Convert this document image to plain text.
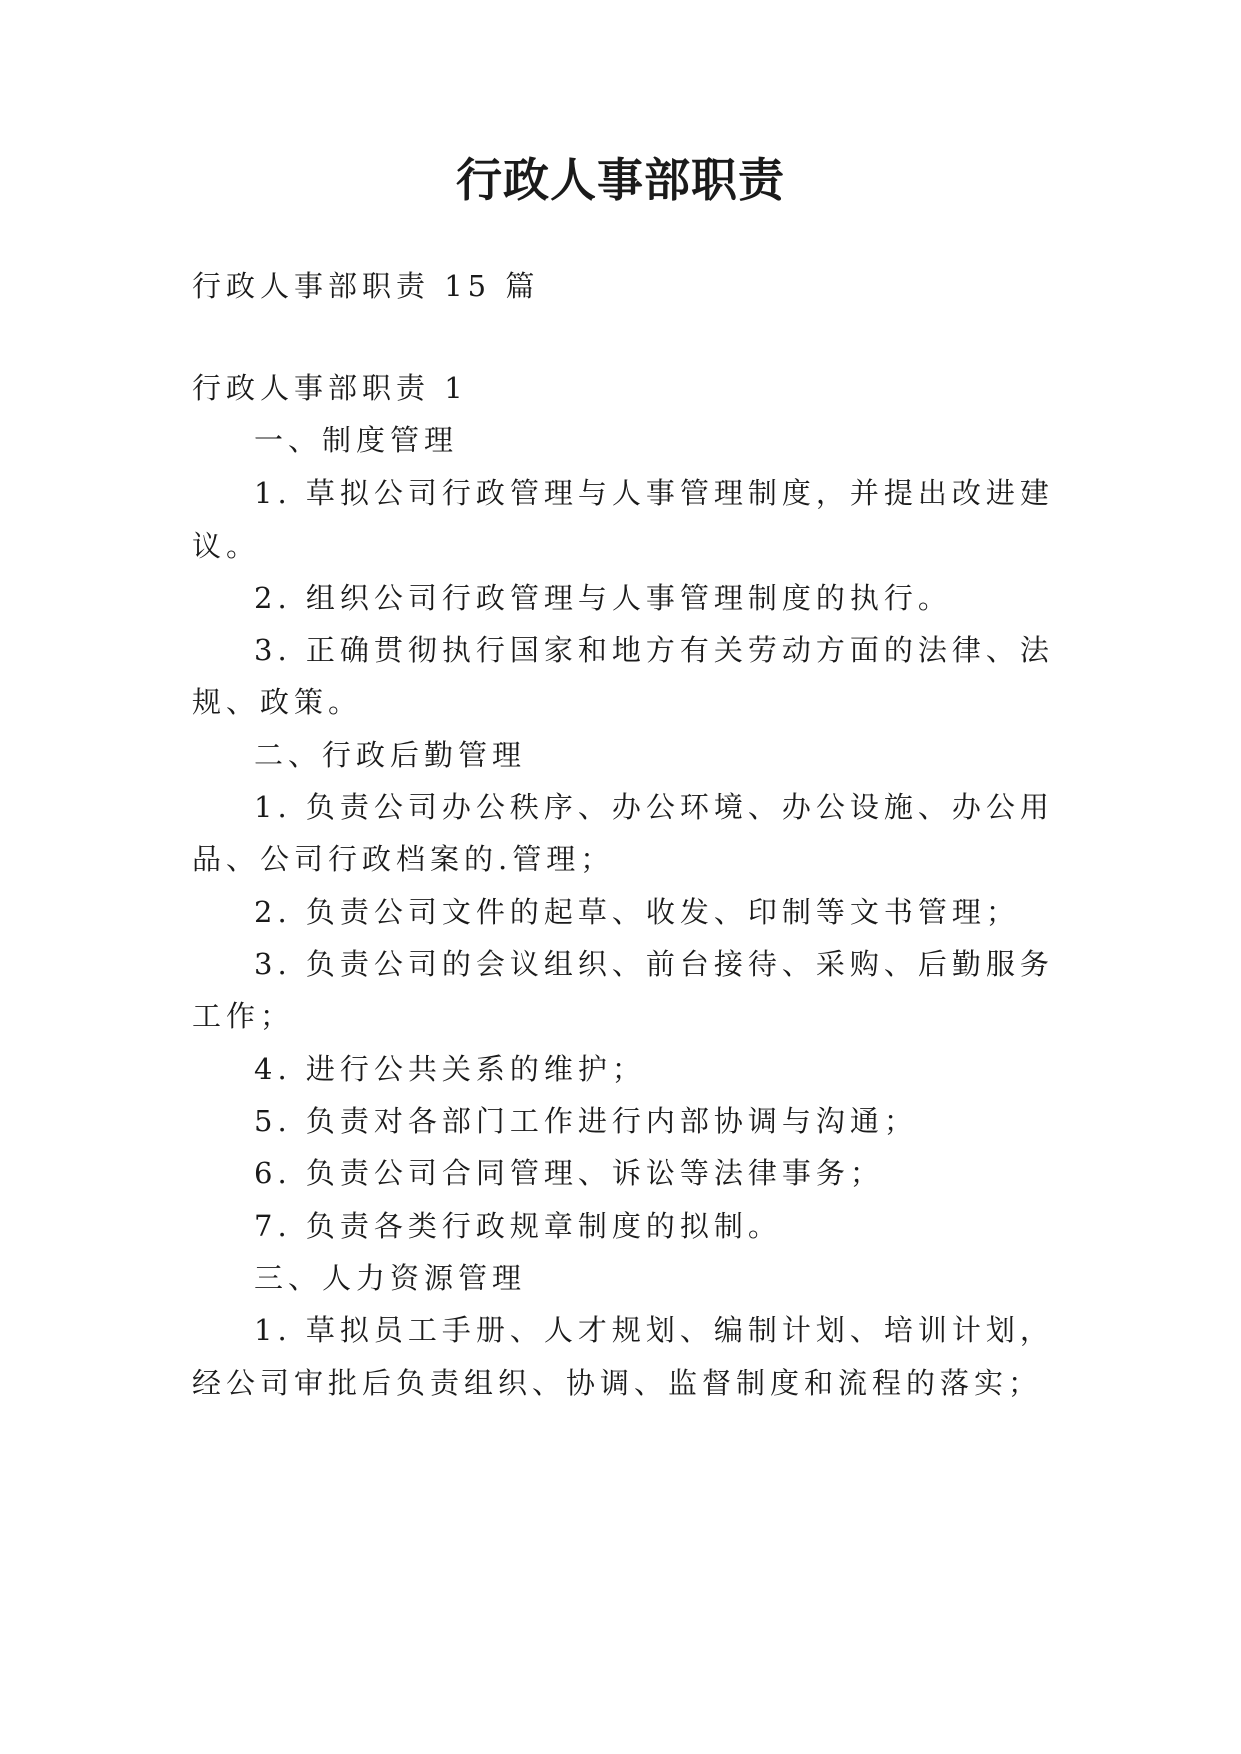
行政人事部职责
行政人事部职责 15 篇
行政人事部职责 1
一、制度管理
1. 草拟公司行政管理与人事管理制度，并提出改进建
议。
2. 组织公司行政管理与人事管理制度的执行。
3. 正确贯彻执行国家和地方有关劳动方面的法律、法
规、政策。
二、行政后勤管理
1. 负责公司办公秩序、办公环境、办公设施、办公用
品、公司行政档案的.管理；
2. 负责公司文件的起草、收发、印制等文书管理；
3. 负责公司的会议组织、前台接待、采购、后勤服务
工作；
4. 进行公共关系的维护；
5. 负责对各部门工作进行内部协调与沟通；
6. 负责公司合同管理、诉讼等法律事务；
7. 负责各类行政规章制度的拟制。
三、人力资源管理
1. 草拟员工手册、人才规划、编制计划、培训计划，
经公司审批后负责组织、协调、监督制度和流程的落实；
